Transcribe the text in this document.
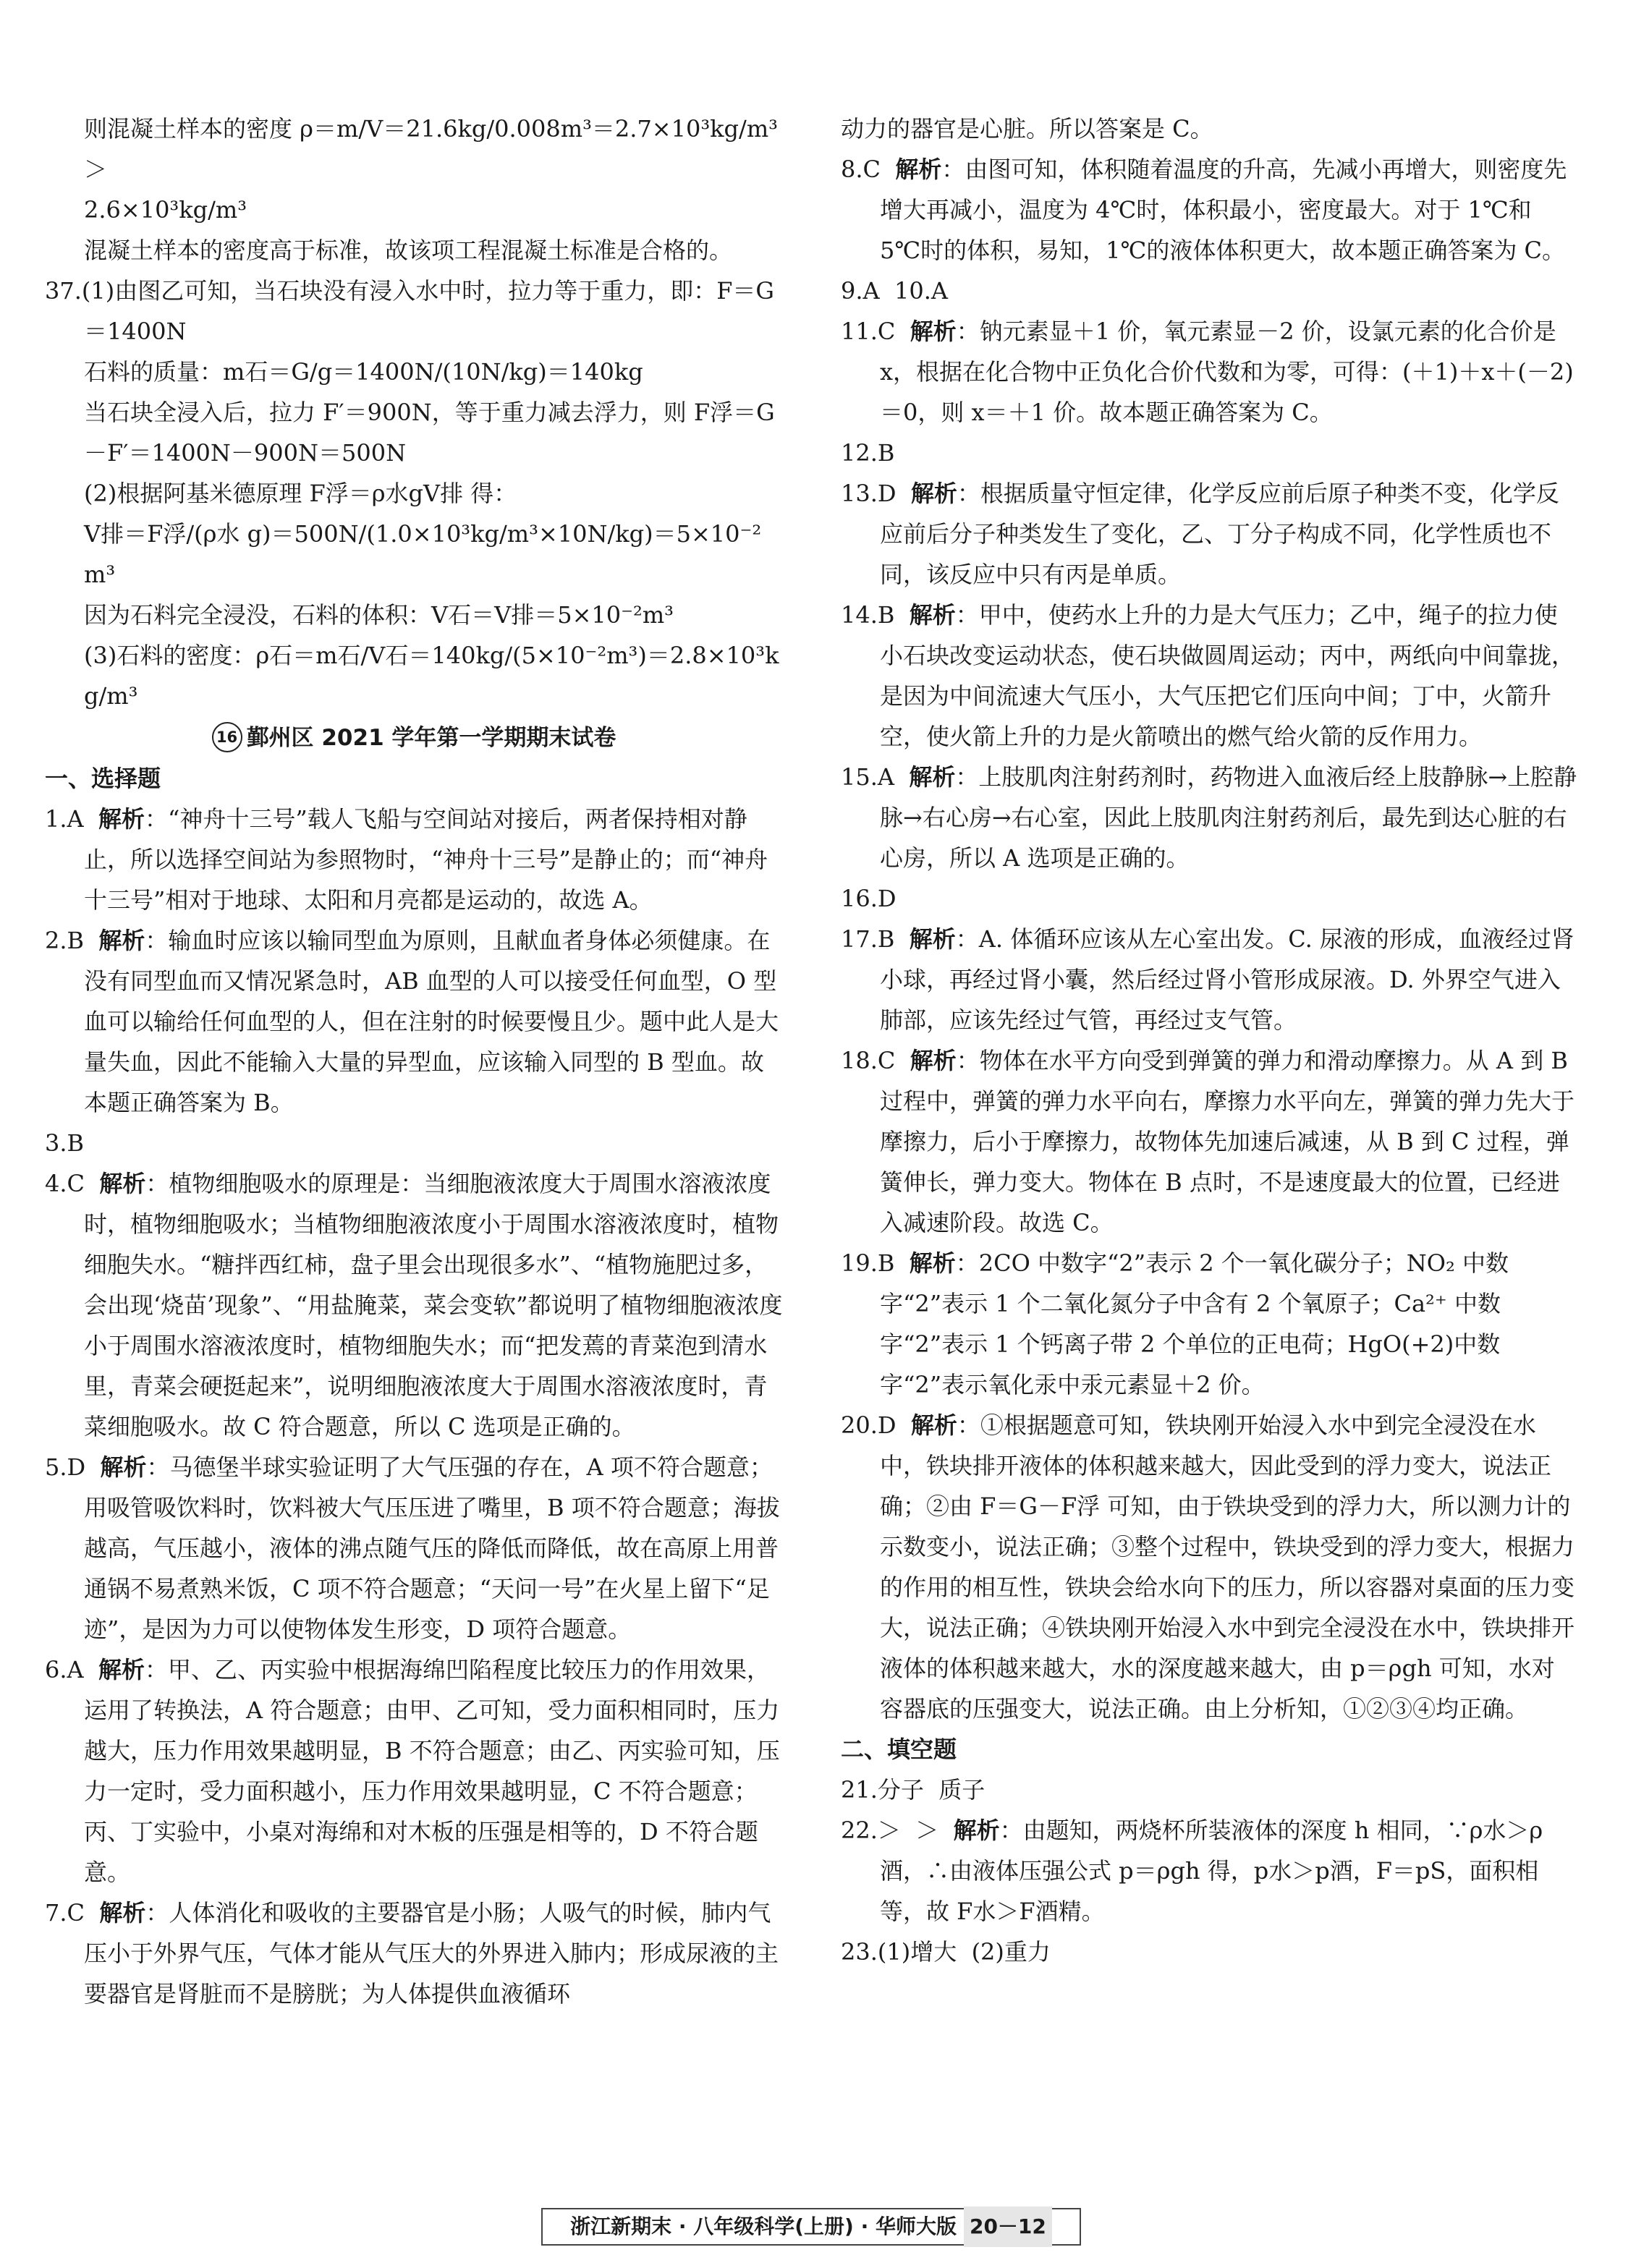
则混凝土样本的密度 ρ＝m/V＝21.6kg/0.008m³＝2.7×10³kg/m³＞

2.6×10³kg/m³

混凝土样本的密度高于标准，故该项工程混凝土标准是合格的。

37.(1)由图乙可知，当石块没有浸入水中时，拉力等于重力，即：F＝G＝1400N

石料的质量：m石＝G/g＝1400N/(10N/kg)＝140kg

当石块全浸入后，拉力 F′＝900N，等于重力减去浮力，则 F浮＝G－F′＝1400N－900N＝500N

(2)根据阿基米德原理 F浮＝ρ水gV排 得：

V排＝F浮/(ρ水 g)＝500N/(1.0×10³kg/m³×10N/kg)＝5×10⁻²m³

因为石料完全浸没，石料的体积：V石＝V排＝5×10⁻²m³

(3)石料的密度：ρ石＝m石/V石＝140kg/(5×10⁻²m³)＝2.8×10³kg/m³

16 鄞州区 2021 学年第一学期期末试卷

一、选择题

1.A 解析：“神舟十三号”载人飞船与空间站对接后，两者保持相对静止，所以选择空间站为参照物时，“神舟十三号”是静止的；而“神舟十三号”相对于地球、太阳和月亮都是运动的，故选 A。

2.B 解析：输血时应该以输同型血为原则，且献血者身体必须健康。在没有同型血而又情况紧急时，AB 血型的人可以接受任何血型，O 型血可以输给任何血型的人，但在注射的时候要慢且少。题中此人是大量失血，因此不能输入大量的异型血，应该输入同型的 B 型血。故本题正确答案为 B。

3.B

4.C 解析：植物细胞吸水的原理是：当细胞液浓度大于周围水溶液浓度时，植物细胞吸水；当植物细胞液浓度小于周围水溶液浓度时，植物细胞失水。“糖拌西红柿，盘子里会出现很多水”、“植物施肥过多，会出现‘烧苗’现象”、“用盐腌菜，菜会变软”都说明了植物细胞液浓度小于周围水溶液浓度时，植物细胞失水；而“把发蔫的青菜泡到清水里，青菜会硬挺起来”，说明细胞液浓度大于周围水溶液浓度时，青菜细胞吸水。故 C 符合题意，所以 C 选项是正确的。

5.D 解析：马德堡半球实验证明了大气压强的存在，A 项不符合题意；用吸管吸饮料时，饮料被大气压压进了嘴里，B 项不符合题意；海拔越高，气压越小，液体的沸点随气压的降低而降低，故在高原上用普通锅不易煮熟米饭，C 项不符合题意；“天问一号”在火星上留下“足迹”，是因为力可以使物体发生形变，D 项符合题意。

6.A 解析：甲、乙、丙实验中根据海绵凹陷程度比较压力的作用效果，运用了转换法，A 符合题意；由甲、乙可知，受力面积相同时，压力越大，压力作用效果越明显，B 不符合题意；由乙、丙实验可知，压力一定时，受力面积越小，压力作用效果越明显，C 不符合题意；丙、丁实验中，小桌对海绵和对木板的压强是相等的，D 不符合题意。

7.C 解析：人体消化和吸收的主要器官是小肠；人吸气的时候，肺内气压小于外界气压，气体才能从气压大的外界进入肺内；形成尿液的主要器官是肾脏而不是膀胱；为人体提供血液循环

动力的器官是心脏。所以答案是 C。

8.C 解析：由图可知，体积随着温度的升高，先减小再增大，则密度先增大再减小，温度为 4℃时，体积最小，密度最大。对于 1℃和 5℃时的体积，易知，1℃的液体体积更大，故本题正确答案为 C。

9.A  10.A

11.C 解析：钠元素显＋1 价，氧元素显－2 价，设氯元素的化合价是 x，根据在化合物中正负化合价代数和为零，可得：(＋1)＋x＋(－2)＝0，则 x＝＋1 价。故本题正确答案为 C。

12.B

13.D 解析：根据质量守恒定律，化学反应前后原子种类不变，化学反应前后分子种类发生了变化，乙、丁分子构成不同，化学性质也不同，该反应中只有丙是单质。

14.B 解析：甲中，使药水上升的力是大气压力；乙中，绳子的拉力使小石块改变运动状态，使石块做圆周运动；丙中，两纸向中间靠拢，是因为中间流速大气压小，大气压把它们压向中间；丁中，火箭升空，使火箭上升的力是火箭喷出的燃气给火箭的反作用力。

15.A 解析：上肢肌肉注射药剂时，药物进入血液后经上肢静脉→上腔静脉→右心房→右心室，因此上肢肌肉注射药剂后，最先到达心脏的右心房，所以 A 选项是正确的。

16.D

17.B 解析：A. 体循环应该从左心室出发。C. 尿液的形成，血液经过肾小球，再经过肾小囊，然后经过肾小管形成尿液。D. 外界空气进入肺部，应该先经过气管，再经过支气管。

18.C 解析：物体在水平方向受到弹簧的弹力和滑动摩擦力。从 A 到 B 过程中，弹簧的弹力水平向右，摩擦力水平向左，弹簧的弹力先大于摩擦力，后小于摩擦力，故物体先加速后减速，从 B 到 C 过程，弹簧伸长，弹力变大。物体在 B 点时，不是速度最大的位置，已经进入减速阶段。故选 C。

19.B 解析：2CO 中数字“2”表示 2 个一氧化碳分子；NO₂ 中数字“2”表示 1 个二氧化氮分子中含有 2 个氧原子；Ca²⁺ 中数字“2”表示 1 个钙离子带 2 个单位的正电荷；HgO(+2)中数字“2”表示氧化汞中汞元素显＋2 价。

20.D 解析：①根据题意可知，铁块刚开始浸入水中到完全浸没在水中，铁块排开液体的体积越来越大，因此受到的浮力变大，说法正确；②由 F＝G－F浮 可知，由于铁块受到的浮力大，所以测力计的示数变小，说法正确；③整个过程中，铁块受到的浮力变大，根据力的作用的相互性，铁块会给水向下的压力，所以容器对桌面的压力变大，说法正确；④铁块刚开始浸入水中到完全浸没在水中，铁块排开液体的体积越来越大，水的深度越来越大，由 p＝ρgh 可知，水对容器底的压强变大，说法正确。由上分析知，①②③④均正确。

二、填空题

21.分子  质子

22.＞  ＞  解析：由题知，两烧杯所装液体的深度 h 相同，∵ρ水＞ρ酒，∴由液体压强公式 p＝ρgh 得，p水＞p酒，F＝pS，面积相等，故 F水＞F酒精。

23.(1)增大  (2)重力

浙江新期末 · 八年级科学(上册) · 华师大版 20－12
